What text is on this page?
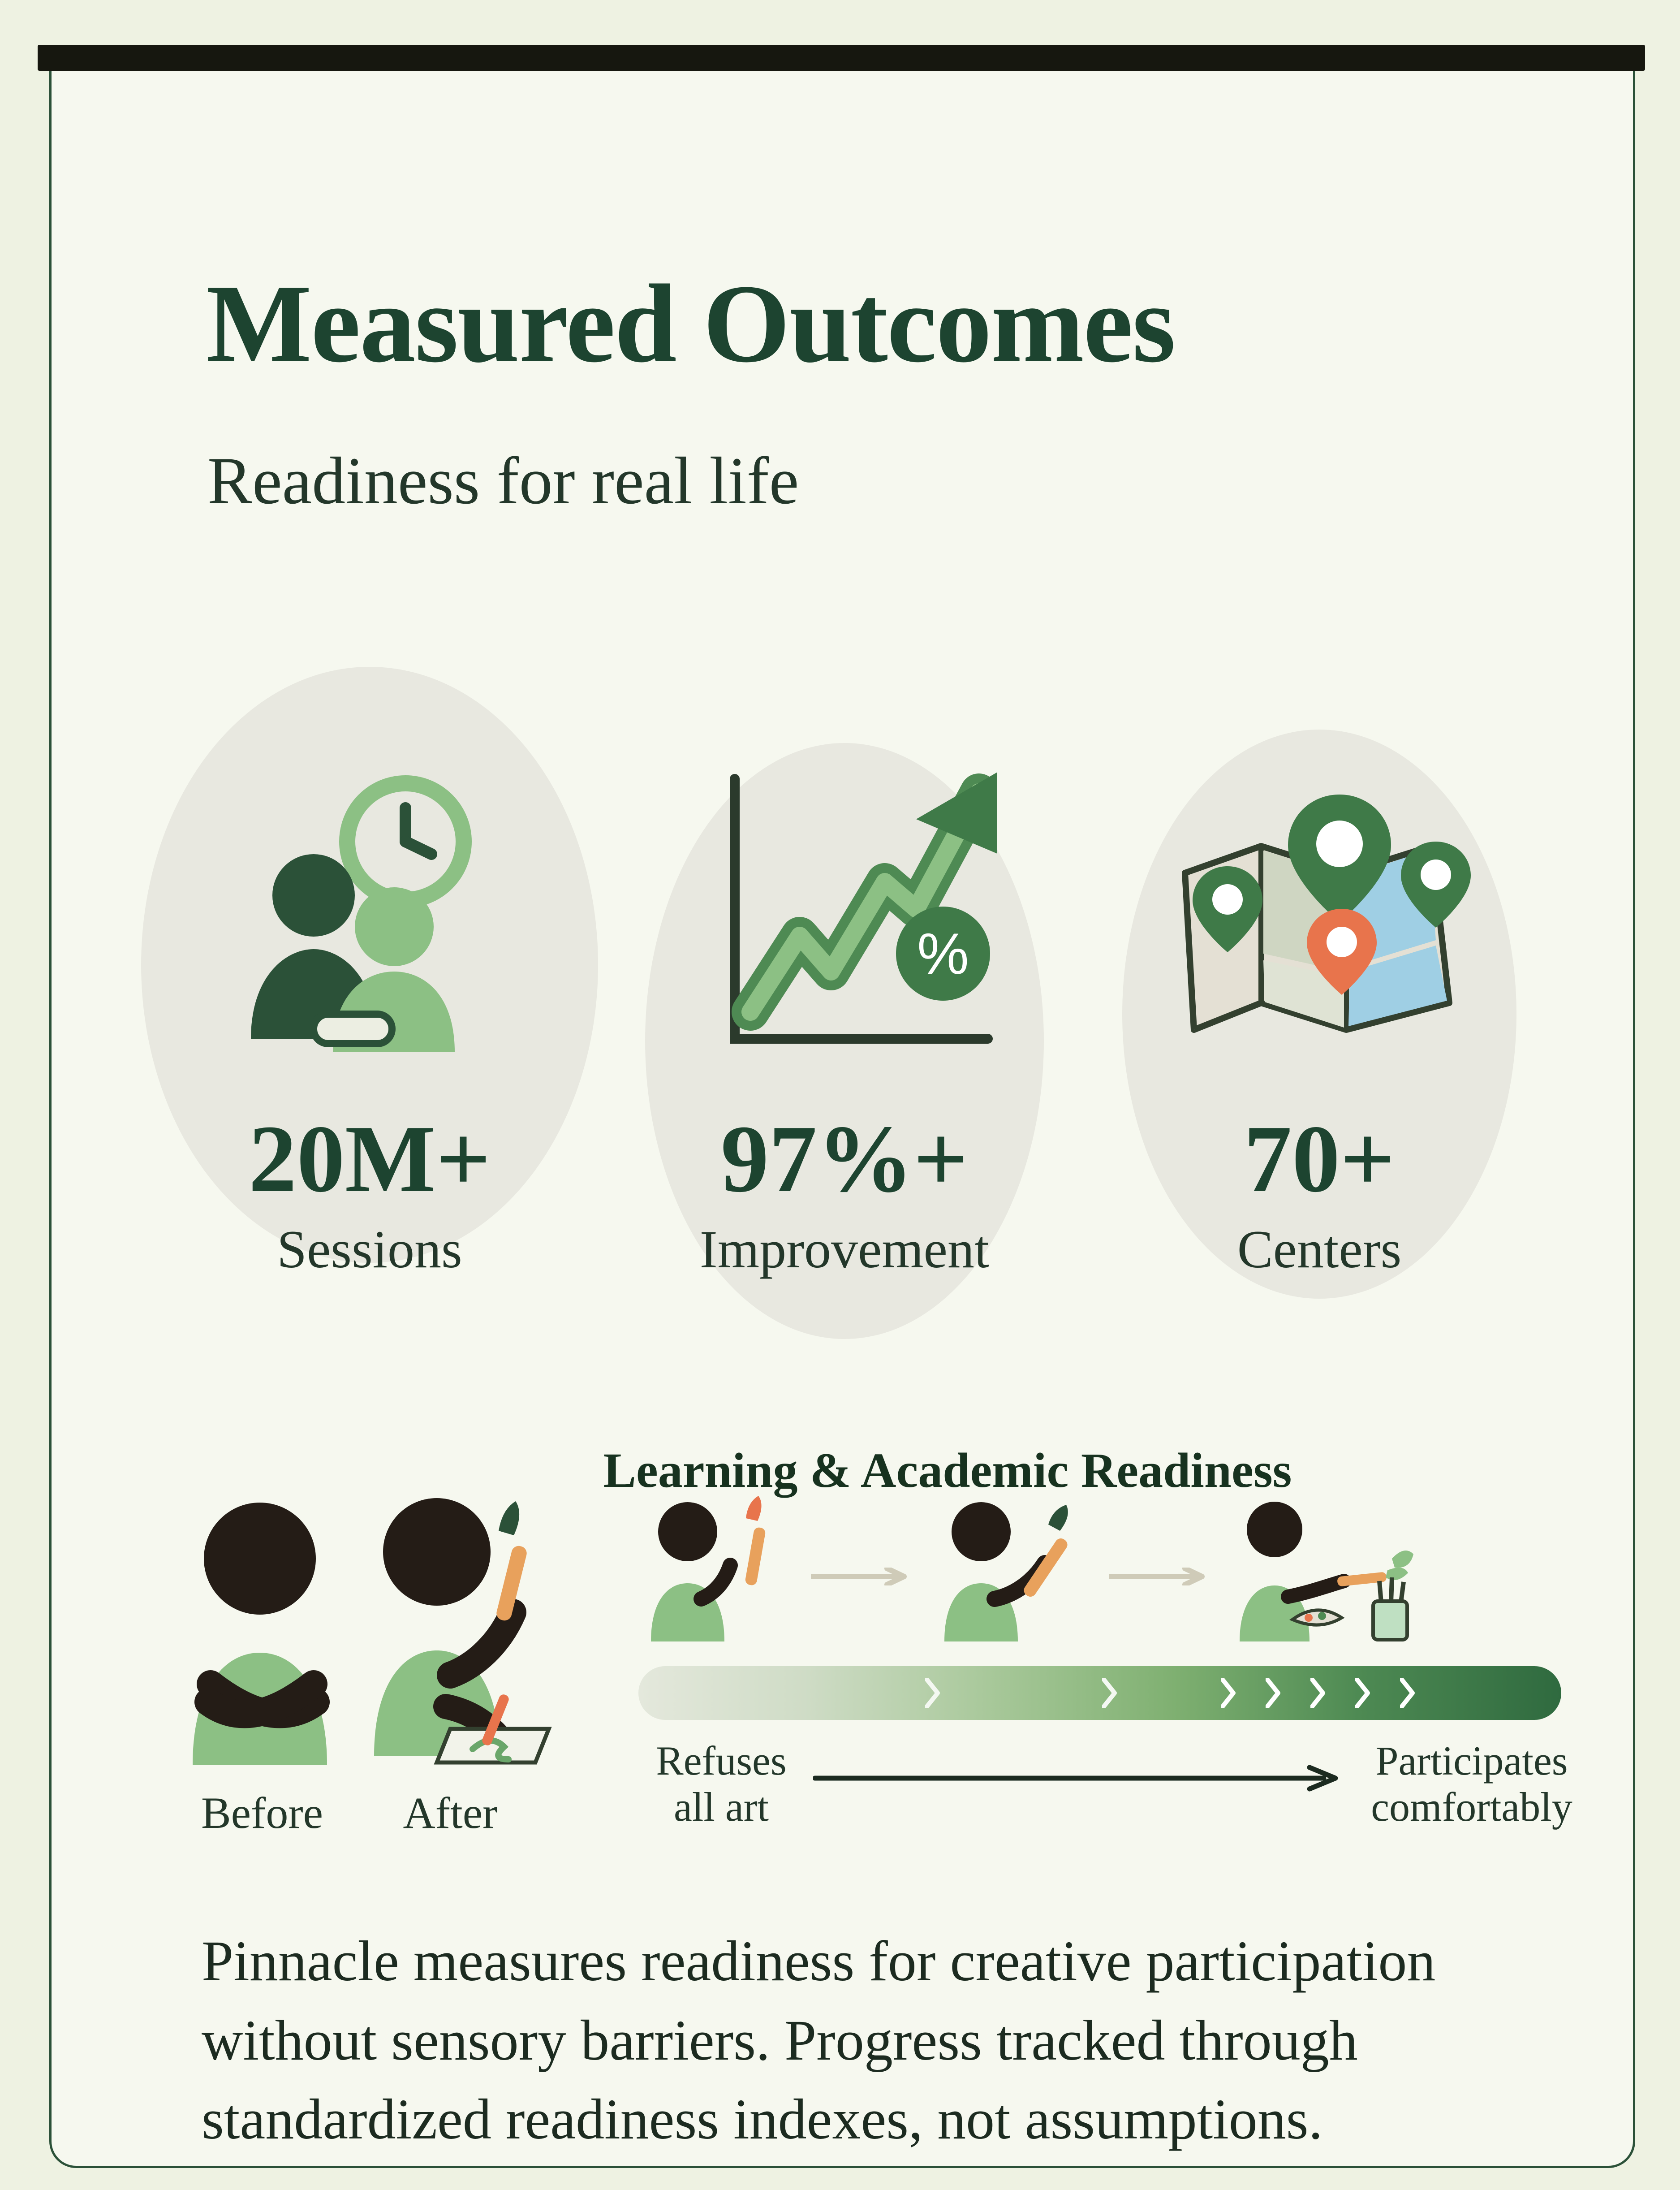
Measured Outcomes
Readiness for real life
20M+
Sessions
%
97%+
Improvement
70+
Centers
Learning & Academic Readiness
Before	After
Refuses
all art
Participates
comfortably
Pinnacle measures readiness for creative participation without sensory barriers. Progress tracked through standardized readiness indexes, not assumptions.
